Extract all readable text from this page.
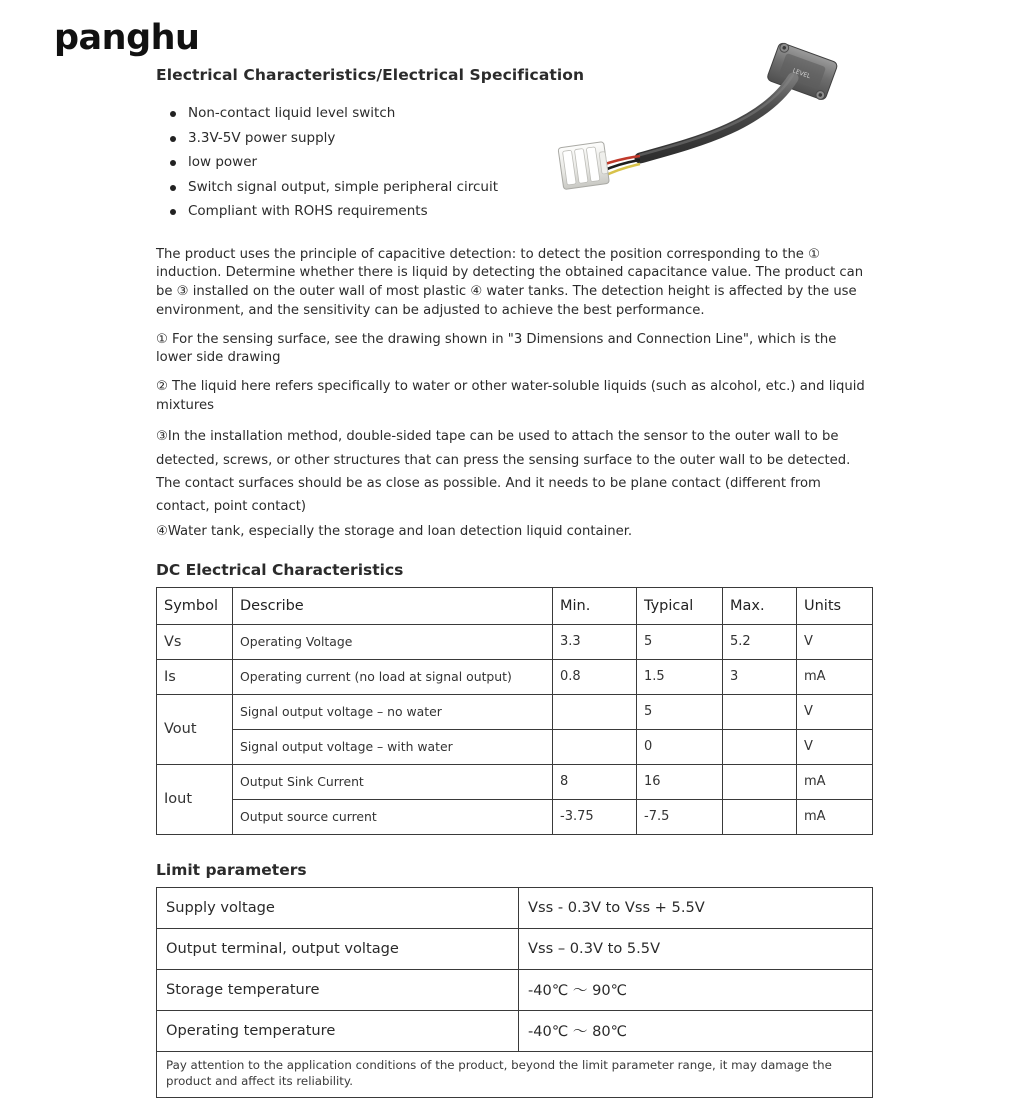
panghu
LEVEL
Electrical Characteristics/Electrical Specification
Non-contact liquid level switch
3.3V-5V power supply
low power
Switch signal output, simple peripheral circuit
Compliant with ROHS requirements

The product uses the principle of capacitive detection: to detect the position corresponding to the ① induction. Determine whether there is liquid by detecting the obtained capacitance value. The product can be ③ installed on the outer wall of most plastic ④ water tanks. The detection height is affected by the use environment, and the sensitivity can be adjusted to achieve the best performance.

① For the sensing surface, see the drawing shown in "3 Dimensions and Connection Line", which is the lower side drawing

② The liquid here refers specifically to water or other water-soluble liquids (such as alcohol, etc.) and liquid mixtures

③In the installation method, double-sided tape can be used to attach the sensor to the outer wall to be detected, screws, or other structures that can press the sensing surface to the outer wall to be detected. The contact surfaces should be as close as possible. And it needs to be plane contact (different from contact, point contact)

④Water tank, especially the storage and loan detection liquid container.

DC Electrical Characteristics
Symbol	Describe	Min.	Typical	Max.	Units
Vs	Operating Voltage	3.3	5	5.2	V
Is	Operating current (no load at signal output)	0.8	1.5	3	mA
Vout	Signal output voltage – no water		5		V
	Signal output voltage – with water		0		V
Iout	Output Sink Current	8	16		mA
	Output source current	-3.75	-7.5		mA
Limit parameters
Supply voltage	Vss - 0.3V to Vss + 5.5V
Output terminal, output voltage	Vss – 0.3V to 5.5V
Storage temperature	-40℃ ～ 90℃
Operating temperature	-40℃ ～ 80℃
Pay attention to the application conditions of the product, beyond the limit parameter range, it may damage the product and affect its reliability.	
